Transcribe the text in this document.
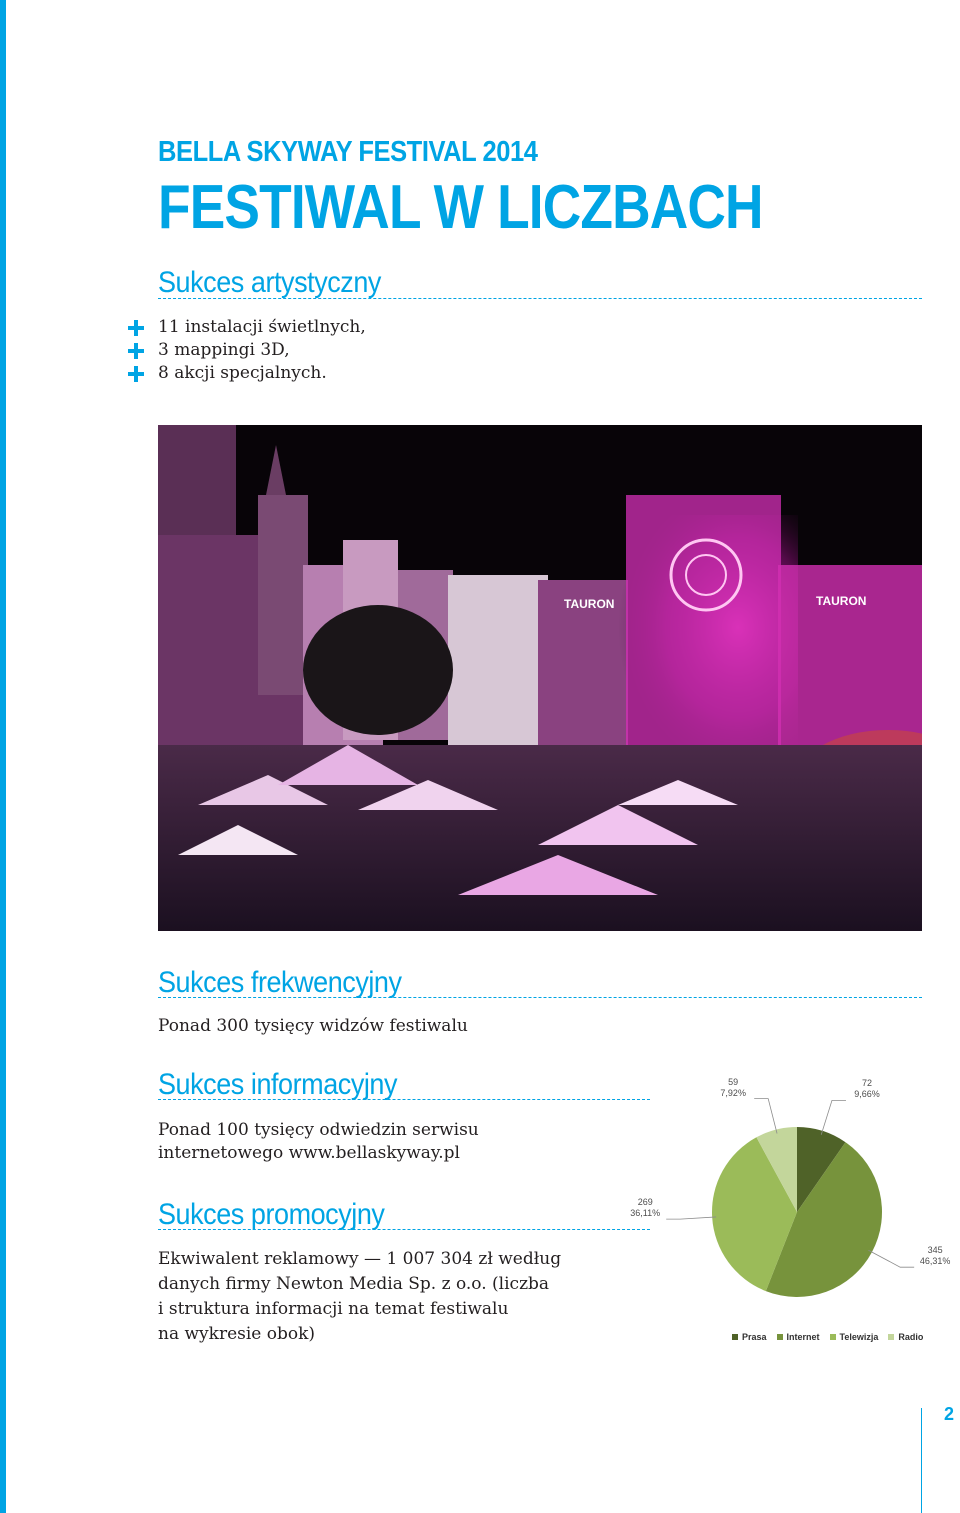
BELLA SKYWAY FESTIVAL 2014
FESTIWAL W LICZBACH
Sukces artystyczny
11 instalacji świetlnych,
3 mappingi 3D,
8 akcji specjalnych.
TAURON	TAURON
Sukces frekwencyjny

Ponad 300 tysięcy widzów festiwalu

Sukces informacyjny

Ponad 100 tysięcy odwiedzin serwisu
internetowego www.bellaskyway.pl

Sukces promocyjny

Ekwiwalent reklamowy — 1 007 304 zł według
danych firmy Newton Media Sp. z o.o. (liczba
i struktura informacji na temat festiwalu
na wykresie obok)

72
9,66%
345
46,31%
269
36,11%
59
7,92%
Prasa Internet Telewizja Radio
2
